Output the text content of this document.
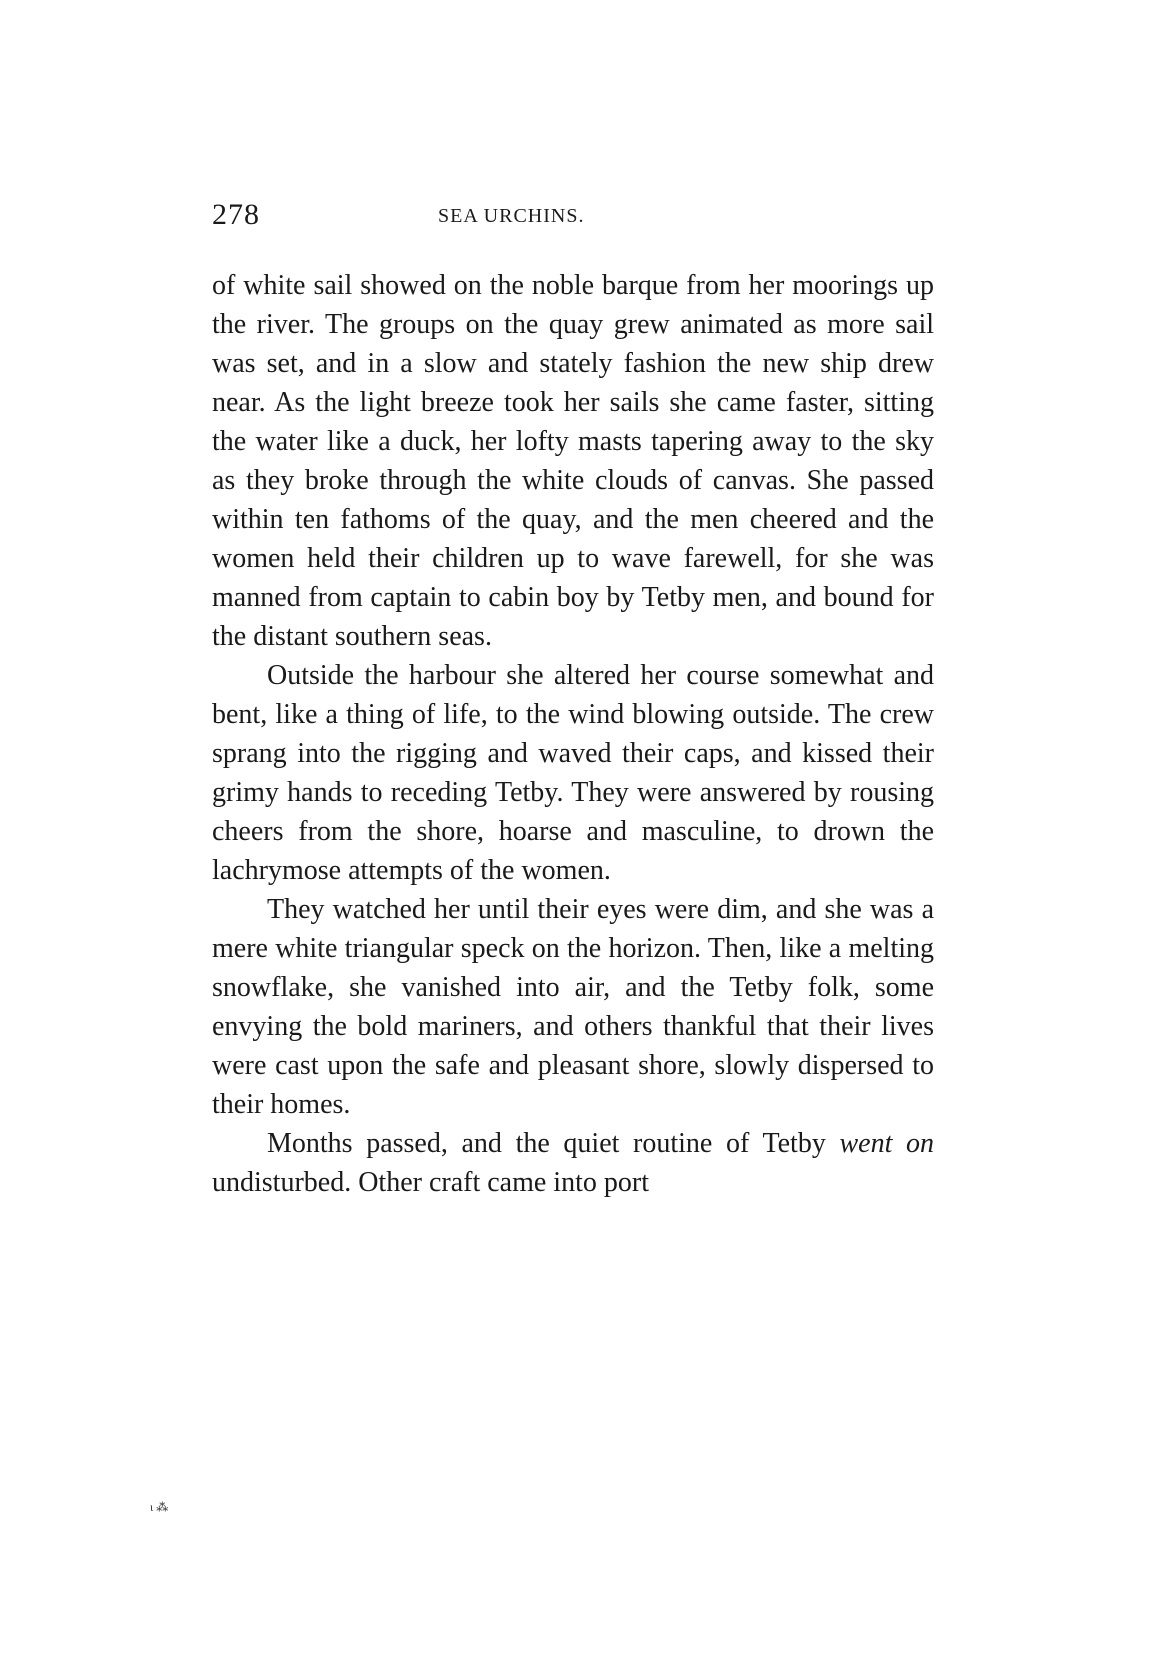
278	SEA URCHINS.

of white sail showed on the noble barque from her moorings up the river. The groups on the quay grew animated as more sail was set, and in a slow and stately fashion the new ship drew near. As the light breeze took her sails she came faster, sitting the water like a duck, her lofty masts tapering away to the sky as they broke through the white clouds of canvas. She passed within ten fathoms of the quay, and the men cheered and the women held their children up to wave farewell, for she was manned from captain to cabin boy by Tetby men, and bound for the distant southern seas.

Outside the harbour she altered her course somewhat and bent, like a thing of life, to the wind blowing outside. The crew sprang into the rigging and waved their caps, and kissed their grimy hands to receding Tetby. They were answered by rousing cheers from the shore, hoarse and masculine, to drown the lachrymose attempts of the women.

They watched her until their eyes were dim, and she was a mere white triangular speck on the horizon. Then, like a melting snowflake, she vanished into air, and the Tetby folk, some envying the bold mariners, and others thankful that their lives were cast upon the safe and pleasant shore, slowly dispersed to their homes.

Months passed, and the quiet routine of Tetby went on undisturbed. Other craft came into port

ι ⁂
